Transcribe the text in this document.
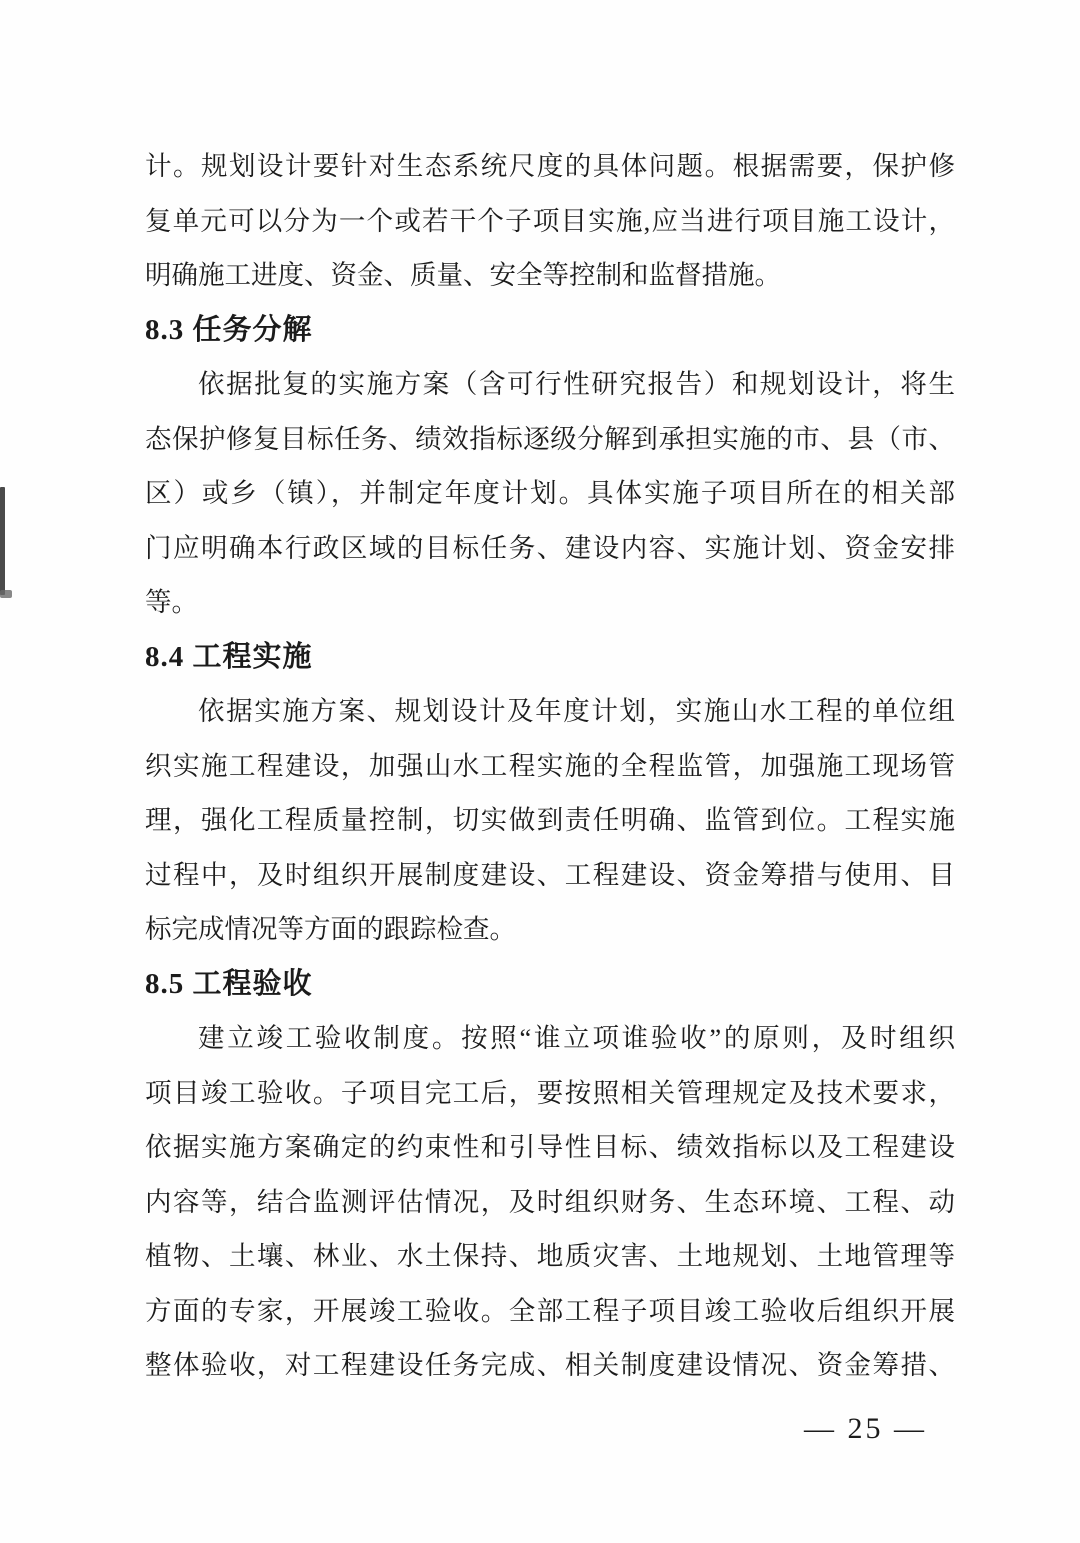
计。规划设计要针对生态系统尺度的具体问题。根据需要，保护修
复单元可以分为一个或若干个子项目实施,应当进行项目施工设计，
明确施工进度、资金、质量、安全等控制和监督措施。
8.3 任务分解
依据批复的实施方案（含可行性研究报告）和规划设计，将生
态保护修复目标任务、绩效指标逐级分解到承担实施的市、县（市、
区）或乡（镇），并制定年度计划。具体实施子项目所在的相关部
门应明确本行政区域的目标任务、建设内容、实施计划、资金安排
等。
8.4 工程实施
依据实施方案、规划设计及年度计划，实施山水工程的单位组
织实施工程建设，加强山水工程实施的全程监管，加强施工现场管
理，强化工程质量控制，切实做到责任明确、监管到位。工程实施
过程中，及时组织开展制度建设、工程建设、资金筹措与使用、目
标完成情况等方面的跟踪检查。
8.5 工程验收
建立竣工验收制度。按照“谁立项谁验收”的原则，及时组织
项目竣工验收。子项目完工后，要按照相关管理规定及技术要求，
依据实施方案确定的约束性和引导性目标、绩效指标以及工程建设
内容等，结合监测评估情况，及时组织财务、生态环境、工程、动
植物、土壤、林业、水土保持、地质灾害、土地规划、土地管理等
方面的专家，开展竣工验收。全部工程子项目竣工验收后组织开展
整体验收，对工程建设任务完成、相关制度建设情况、资金筹措、
— 25 —
